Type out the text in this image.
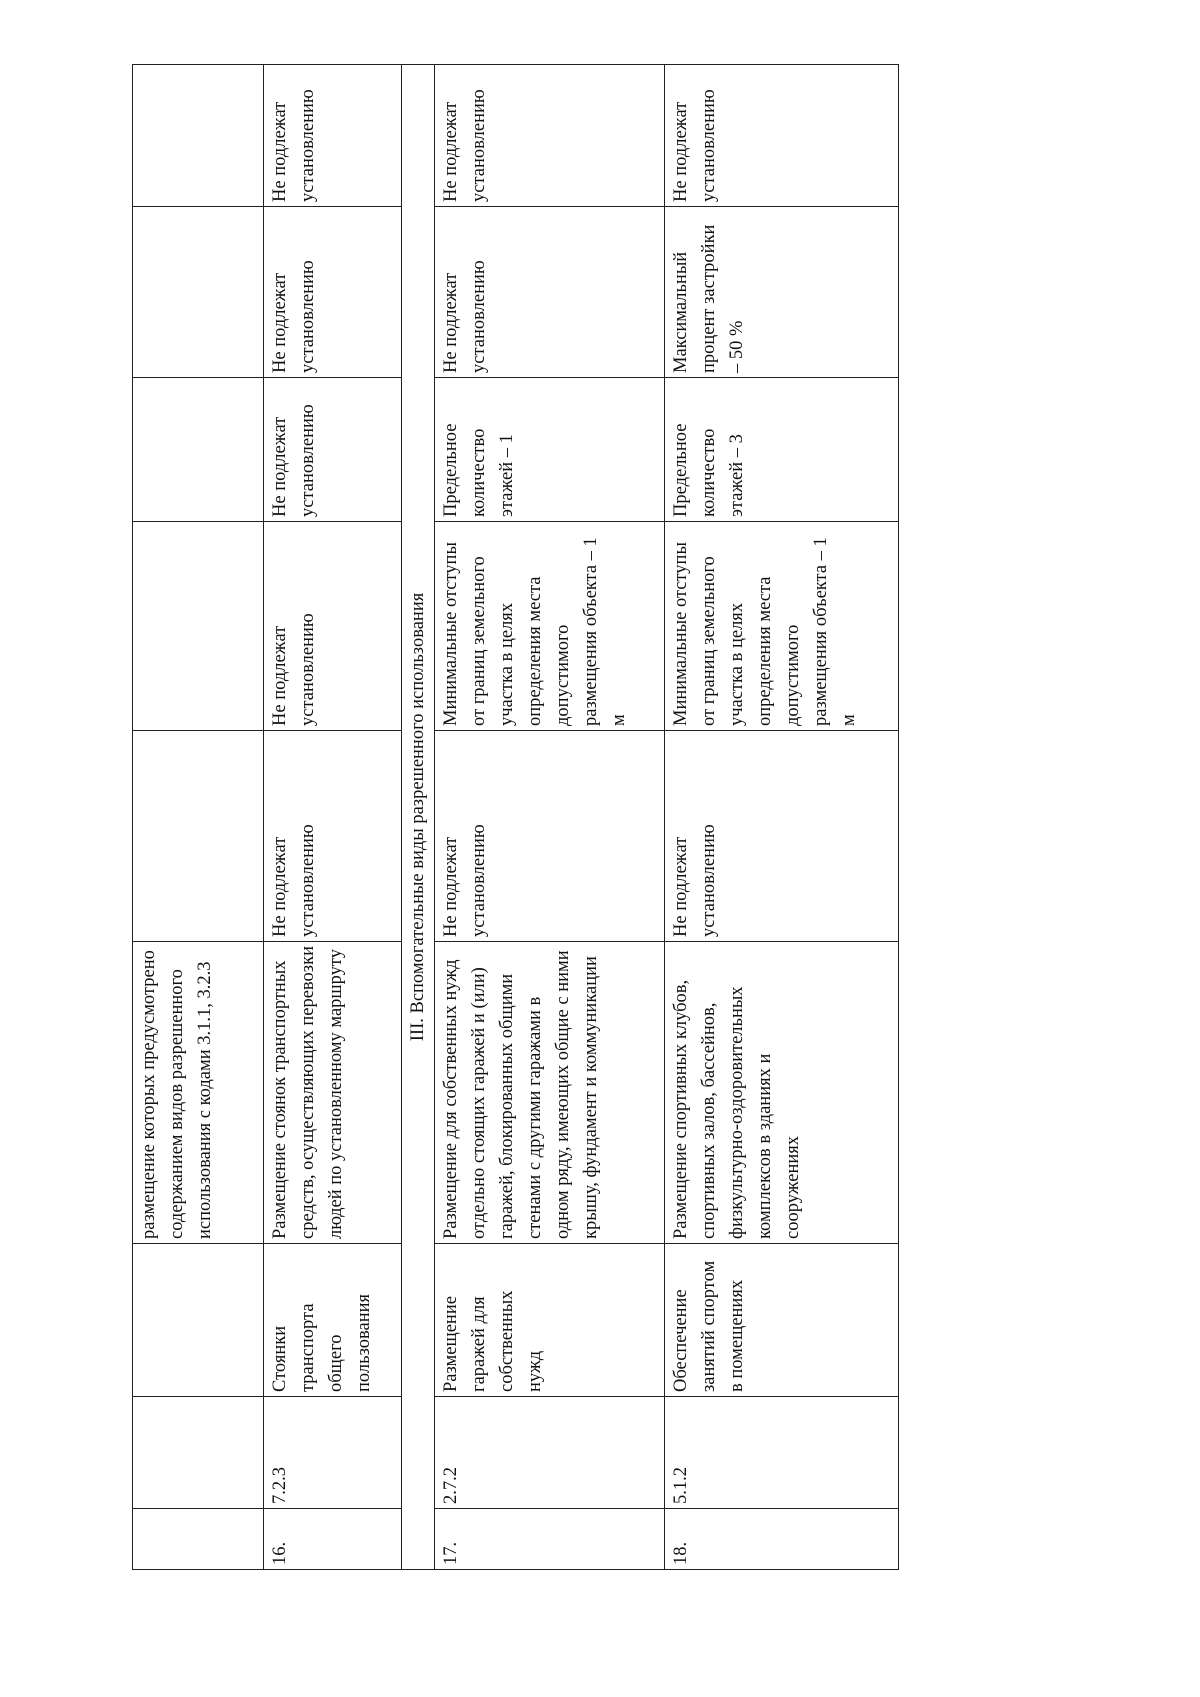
			размещение которых предусмотрено содержанием видов разрешенного использования с кодами 3.1.1, 3.2.3					
16.	7.2.3	Стоянки транспорта общего пользования	Размещение стоянок транспортных средств, осуществляющих перевозки людей по установленному маршруту	Не подлежат установлению	Не подлежат установлению	Не подлежат установлению	Не подлежат установлению	Не подлежат установлению
III. Вспомогательные виды разрешенного использования								
17.	2.7.2	Размещение гаражей для собственных нужд	Размещение для собственных нужд отдельно стоящих гаражей и (или) гаражей, блокированных общими стенами с другими гаражами в одном ряду, имеющих общие с ними крышу, фундамент и коммуникации	Не подлежат установлению	Минимальные отступы от границ земельного участка в целях определения места допустимого размещения объекта – 1 м	Предельное количество этажей – 1	Не подлежат установлению	Не подлежат установлению
18.	5.1.2	Обеспечение занятий спортом в помещениях	Размещение спортивных клубов, спортивных залов, бассейнов, физкультурно-оздоровительных комплексов в зданиях и сооружениях	Не подлежат установлению	Минимальные отступы от границ земельного участка в целях определения места допустимого размещения объекта – 1 м	Предельное количество этажей – 3	Максимальный процент застройки – 50 %	Не подлежат установлению
